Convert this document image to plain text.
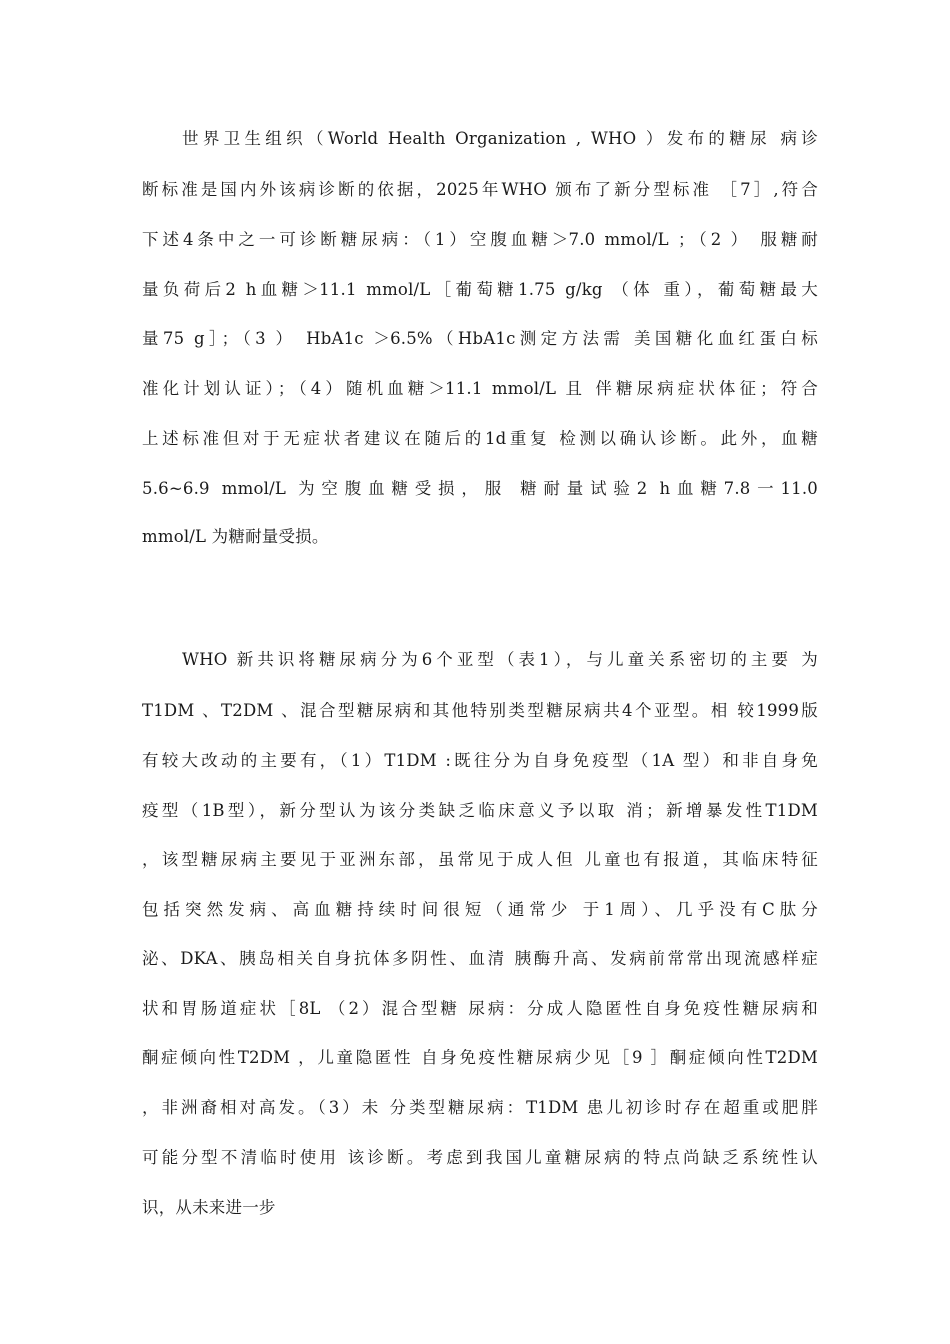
世界卫生组织（World Health Organization , WHO ）发布的糖尿 病诊
断标准是国内外该病诊断的依据，2025年WHO 颁布了新分型标准 ［7］,符合
下述4条中之一可诊断糖尿病：（1）空腹血糖＞7.0 mmol/L ；（2 ） 服糖耐
量负荷后2 h血糖＞11.1 mmol/L［葡萄糖1.75 g/kg （体 重），葡萄糖最大
量75 g］；（3 ） HbA1c ＞6.5%（HbA1c测定方法需 美国糖化血红蛋白标
准化计划认证）；（4）随机血糖＞11.1 mmol/L 且 伴糖尿病症状体征；符合
上述标准但对于无症状者建议在随后的1d重复 检测以确认诊断。此外，血糖
5.6~6.9 mmol/L 为空腹血糖受损，服 糖耐量试验2 h血糖7.8一11.0
mmol/L 为糖耐量受损。
WHO 新共识将糖尿病分为6个亚型（表1），与儿童关系密切的主要 为
T1DM 、T2DM 、混合型糖尿病和其他特别类型糖尿病共4个亚型。相 较1999版
有较大改动的主要有，（1）T1DM :既往分为自身免疫型（1A 型）和非自身免
疫型（1B型），新分型认为该分类缺乏临床意义予以取 消；新增暴发性T1DM
，该型糖尿病主要见于亚洲东部，虽常见于成人但 儿童也有报道，其临床特征
包括突然发病、高血糖持续时间很短（通常少 于1周）、几乎没有C肽分
泌、DKA、胰岛相关自身抗体多阴性、血清 胰酶升高、发病前常常出现流感样症
状和胃肠道症状［8L （2）混合型糖 尿病：分成人隐匿性自身免疫性糖尿病和
酮症倾向性T2DM ，儿童隐匿性 自身免疫性糖尿病少见［9 ］酮症倾向性T2DM
，非洲裔相对高发。（3）未 分类型糖尿病：T1DM 患儿初诊时存在超重或肥胖
可能分型不清临时使用 该诊断。考虑到我国儿童糖尿病的特点尚缺乏系统性认
识，从未来进一步
